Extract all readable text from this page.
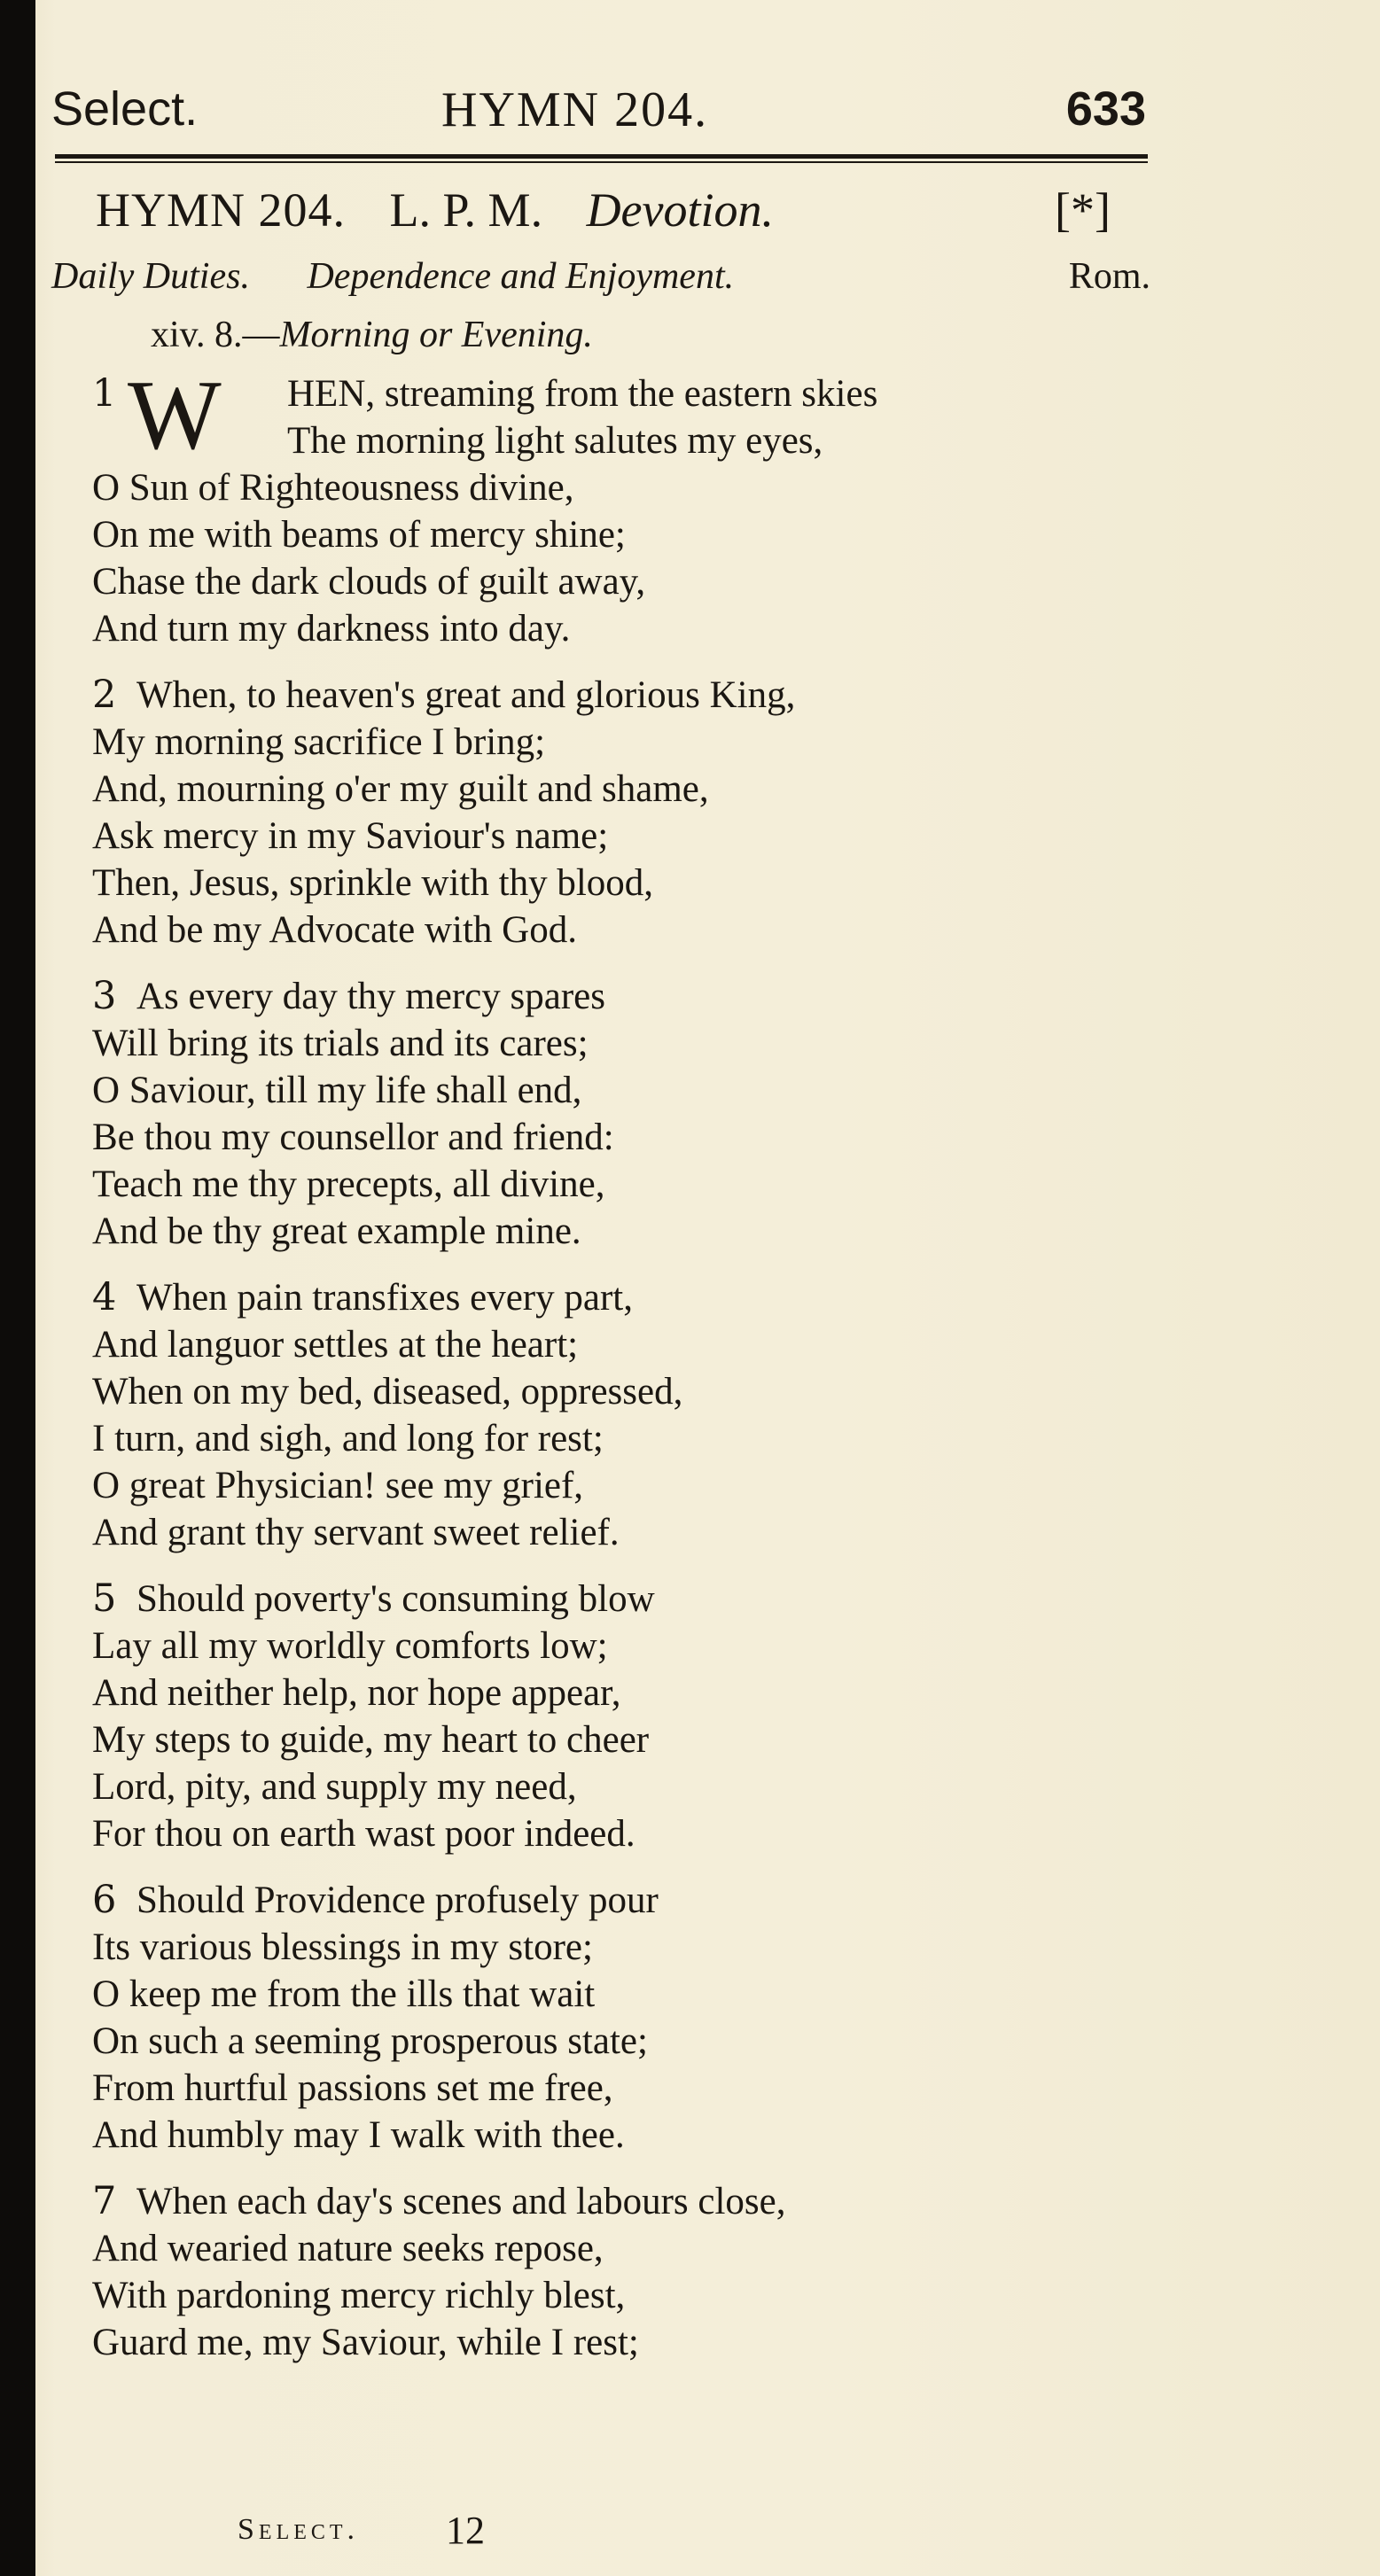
Select.	HYMN 204.	633
HYMN 204. L. P. M. Devotion.	[*]
Daily Duties. Dependence and Enjoyment.	Rom.
xiv. 8.—Morning or Evening.
1 W	HEN, streaming from the eastern skies
The morning light salutes my eyes,
O Sun of Righteousness divine,
On me with beams of mercy shine;
Chase the dark clouds of guilt away,
And turn my darkness into day.
2 When, to heaven's great and glorious King,
My morning sacrifice I bring;
And, mourning o'er my guilt and shame,
Ask mercy in my Saviour's name;
Then, Jesus, sprinkle with thy blood,
And be my Advocate with God.
3 As every day thy mercy spares
Will bring its trials and its cares;
O Saviour, till my life shall end,
Be thou my counsellor and friend:
Teach me thy precepts, all divine,
And be thy great example mine.
4 When pain transfixes every part,
And languor settles at the heart;
When on my bed, diseased, oppressed,
I turn, and sigh, and long for rest;
O great Physician! see my grief,
And grant thy servant sweet relief.
5 Should poverty's consuming blow
Lay all my worldly comforts low;
And neither help, nor hope appear,
My steps to guide, my heart to cheer
Lord, pity, and supply my need,
For thou on earth wast poor indeed.
6 Should Providence profusely pour
Its various blessings in my store;
O keep me from the ills that wait
On such a seeming prosperous state;
From hurtful passions set me free,
And humbly may I walk with thee.
7 When each day's scenes and labours close,
And wearied nature seeks repose,
With pardoning mercy richly blest,
Guard me, my Saviour, while I rest;
Select. 12
